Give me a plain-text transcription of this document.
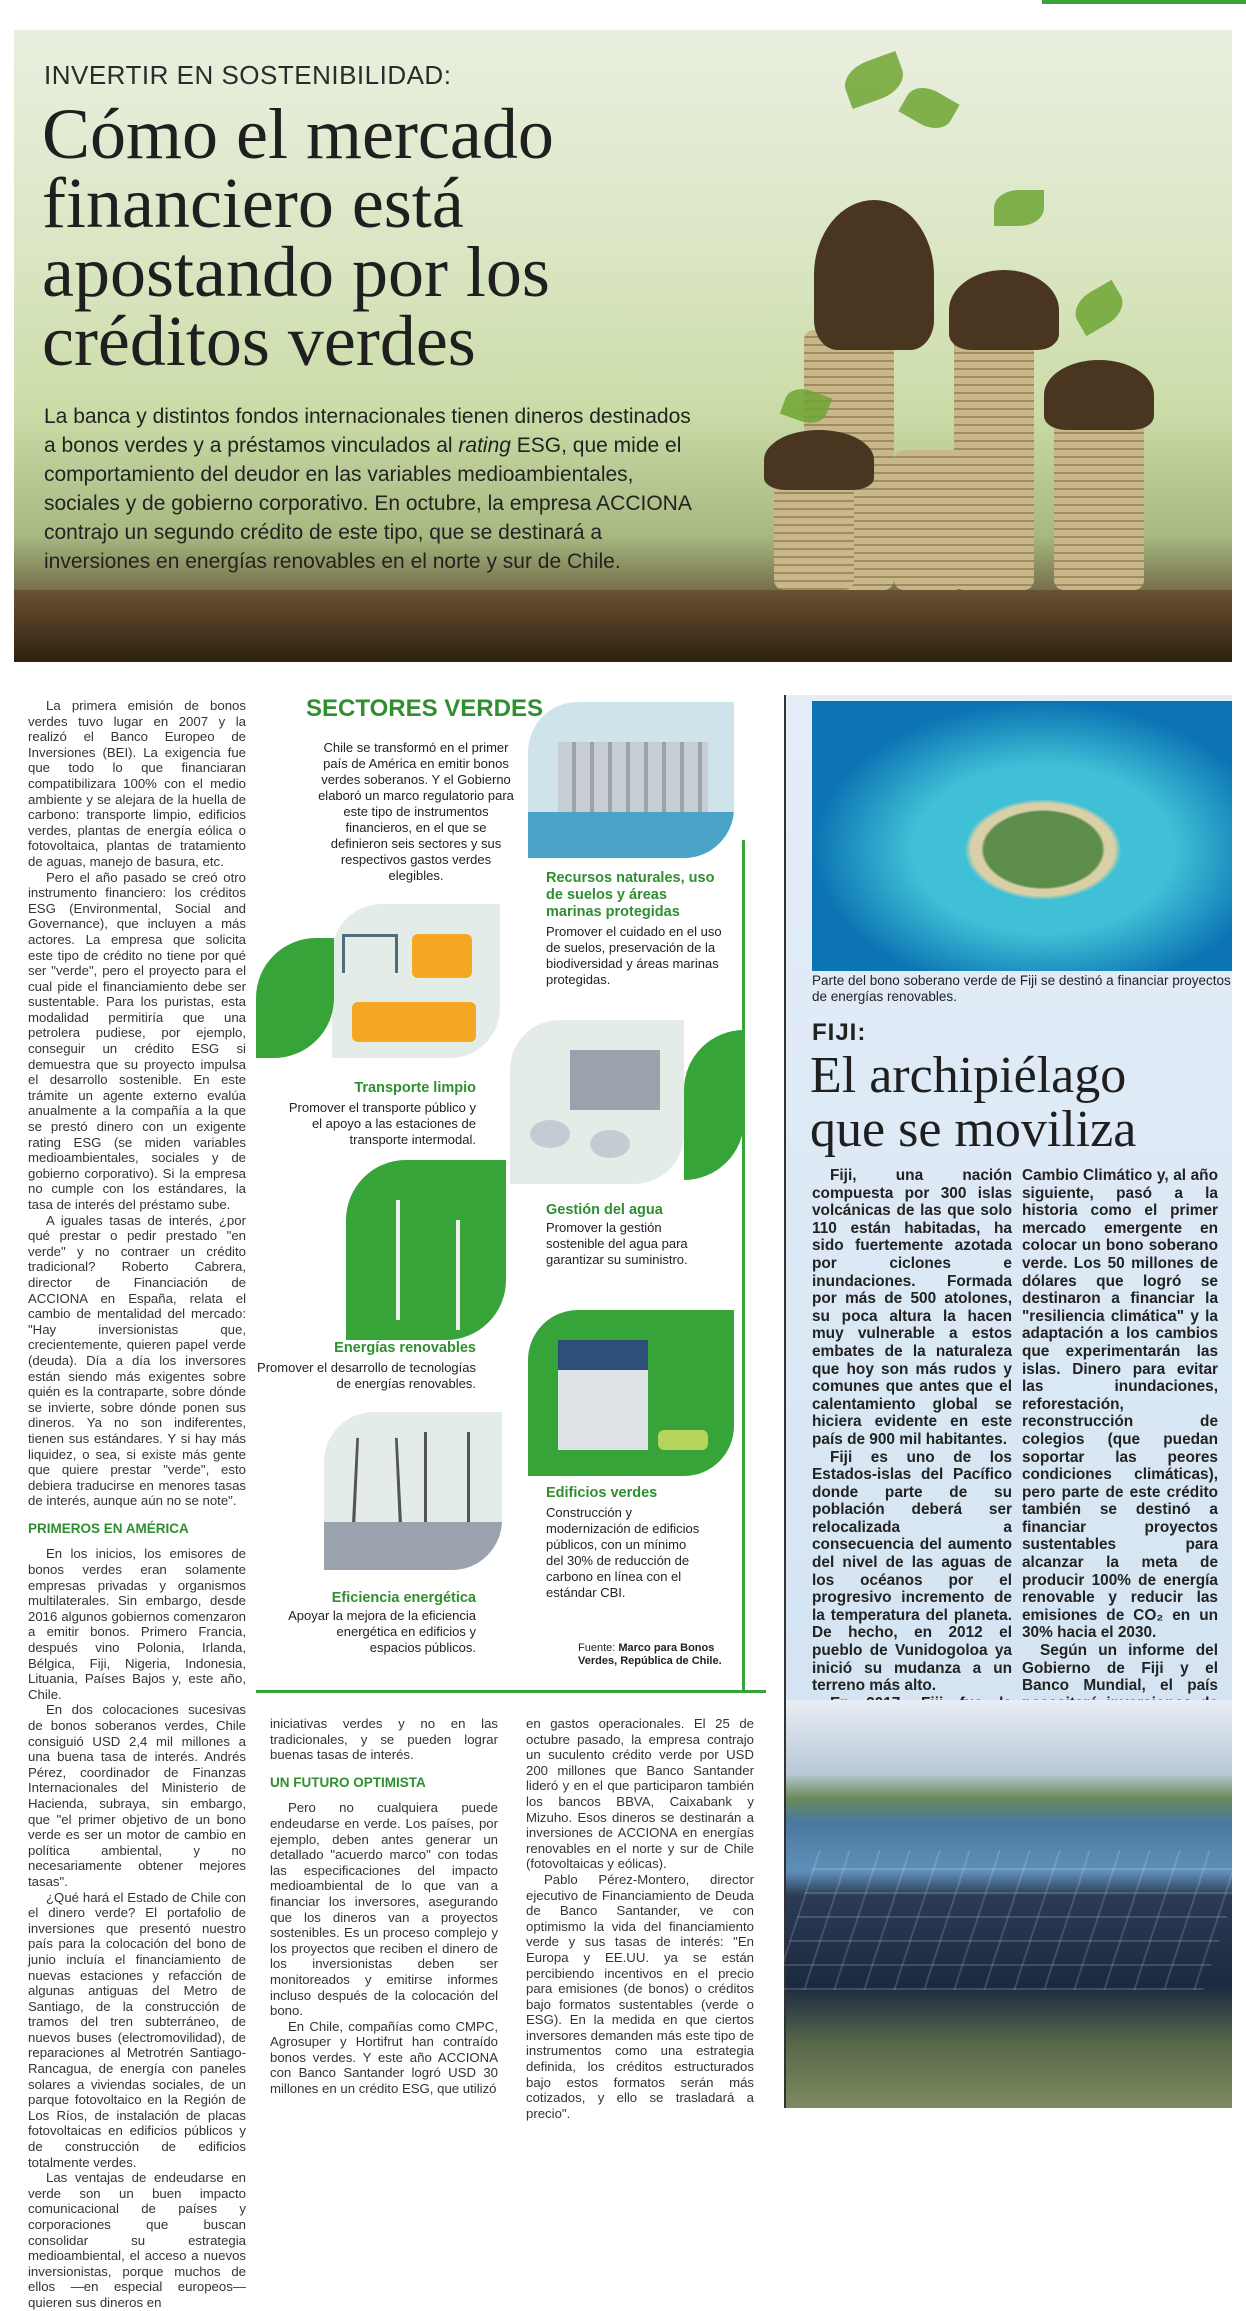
INVERTIR EN SOSTENIBILIDAD:
Cómo el mercado
financiero está
apostando por los
créditos verdes
La banca y distintos fondos internacionales tienen dineros destinados
a bonos verdes y a préstamos vinculados al rating ESG, que mide el
comportamiento del deudor en las variables medioambientales,
sociales y de gobierno corporativo. En octubre, la empresa ACCIONA
contrajo un segundo crédito de este tipo, que se destinará a
inversiones en energías renovables en el norte y sur de Chile.

La primera emisión de bonos verdes tuvo lugar en 2007 y la realizó el Banco Europeo de Inversiones (BEI). La exigencia fue que todo lo que financiaran compatibilizara 100% con el medio ambiente y se alejara de la huella de carbono: transporte limpio, edificios verdes, plantas de energía eólica o fotovoltaica, plantas de tratamiento de aguas, manejo de basura, etc.

Pero el año pasado se creó otro instrumento financiero: los créditos ESG (Environmental, Social and Governance), que incluyen a más actores. La empresa que solicita este tipo de crédito no tiene por qué ser "verde", pero el proyecto para el cual pide el financiamiento debe ser sustentable. Para los puristas, esta modalidad permitiría que una petrolera pudiese, por ejemplo, conseguir un crédito ESG si demuestra que su proyecto impulsa el desarrollo sostenible. En este trámite un agente externo evalúa anualmente a la compañía a la que se prestó dinero con un exigente rating ESG (se miden variables medioambientales, sociales y de gobierno corporativo). Si la empresa no cumple con los estándares, la tasa de interés del préstamo sube.

A iguales tasas de interés, ¿por qué prestar o pedir prestado "en verde" y no contraer un crédito tradicional? Roberto Cabrera, director de Financiación de ACCIONA en España, relata el cambio de mentalidad del mercado: "Hay inversionistas que, crecientemente, quieren papel verde (deuda). Día a día los inversores están siendo más exigentes sobre quién es la contraparte, sobre dónde se invierte, sobre dónde ponen sus dineros. Ya no son indiferentes, tienen sus estándares. Y si hay más liquidez, o sea, si existe más gente que quiere prestar "verde", esto debiera traducirse en menores tasas de interés, aunque aún no se note".

PRIMEROS EN AMÉRICA

En los inicios, los emisores de bonos verdes eran solamente empresas privadas y organismos multilaterales. Sin embargo, desde 2016 algunos gobiernos comenzaron a emitir bonos. Primero Francia, después vino Polonia, Irlanda, Bélgica, Fiji, Nigeria, Indonesia, Lituania, Países Bajos y, este año, Chile.

En dos colocaciones sucesivas de bonos soberanos verdes, Chile consiguió USD 2,4 mil millones a una buena tasa de interés. Andrés Pérez, coordinador de Finanzas Internacionales del Ministerio de Hacienda, subraya, sin embargo, que "el primer objetivo de un bono verde es ser un motor de cambio en política ambiental, y no necesariamente obtener mejores tasas".

¿Qué hará el Estado de Chile con el dinero verde? El portafolio de inversiones que presentó nuestro país para la colocación del bono de junio incluía el financiamiento de nuevas estaciones y refacción de algunas antiguas del Metro de Santiago, de la construcción de tramos del tren subterráneo, de nuevos buses (electromovilidad), de reparaciones al Metrotrén Santiago-Rancagua, de energía con paneles solares a viviendas sociales, de un parque fotovoltaico en la Región de Los Ríos, de instalación de placas fotovoltaicas en edificios públicos y de construcción de edificios totalmente verdes.

Las ventajas de endeudarse en verde son un buen impacto comunicacional de países y corporaciones que buscan consolidar su estrategia medioambiental, el acceso a nuevos inversionistas, porque muchos de ellos —en especial europeos— quieren sus dineros en

SECTORES VERDES
Chile se transformó en el primer país de América en emitir bonos verdes soberanos. Y el Gobierno elaboró un marco regulatorio para este tipo de instrumentos financieros, en el que se definieron seis sectores y sus respectivos gastos verdes elegibles.	Recursos naturales, uso de suelos y áreas marinas protegidas
Promover el cuidado en el uso de suelos, preservación de la biodiversidad y áreas marinas protegidas.
Transporte limpio
Promover el transporte público y el apoyo a las estaciones de transporte intermodal.
Gestión del agua
Promover la gestión sostenible del agua para garantizar su suministro.
Energías renovables
Promover el desarrollo de tecnologías de energías renovables.
Edificios verdes
Construcción y modernización de edificios públicos, con un mínimo del 30% de reducción de carbono en línea con el estándar CBI.
Eficiencia energética
Apoyar la mejora de la eficiencia energética en edificios y espacios públicos.	Fuente: Marco para Bonos Verdes, República de Chile.
iniciativas verdes y no en las tradicionales, y se pueden lograr buenas tasas de interés.
UN FUTURO OPTIMISTA

Pero no cualquiera puede endeudarse en verde. Los países, por ejemplo, deben antes generar un detallado "acuerdo marco" con todas las especificaciones del impacto medioambiental de lo que van a financiar los inversores, asegurando que los dineros van a proyectos sostenibles. Es un proceso complejo y los proyectos que reciben el dinero de los inversionistas deben ser monitoreados y emitirse informes incluso después de la colocación del bono.

En Chile, compañías como CMPC, Agrosuper y Hortifrut han contraído bonos verdes. Y este año ACCIONA con Banco Santander logró USD 30 millones en un crédito ESG, que utilizó

en gastos operacionales. El 25 de octubre pasado, la empresa contrajo un suculento crédito verde por USD 200 millones que Banco Santander lideró y en el que participaron también los bancos BBVA, Caixabank y Mizuho. Esos dineros se destinarán a inversiones de ACCIONA en energías renovables en el norte y sur de Chile (fotovoltaicas y eólicas).

Pablo Pérez-Montero, director ejecutivo de Financiamiento de Deuda de Banco Santander, ve con optimismo la vida del financiamiento verde y sus tasas de interés: "En Europa y EE.UU. ya se están percibiendo incentivos en el precio para emisiones (de bonos) o créditos bajo formatos sustentables (verde o ESG). En la medida en que ciertos inversores demanden más este tipo de instrumentos como una estrategia definida, los créditos estructurados bajo estos formatos serán más cotizados, y ello se trasladará a precio".

Parte del bono soberano verde de Fiji se destinó a financiar proyectos de energías renovables.
FIJI:
El archipiélago
que se moviliza

Fiji, una nación compuesta por 300 islas volcánicas de las que solo 110 están habitadas, ha sido fuertemente azotada por ciclones e inundaciones. Formada por más de 500 atolones, su poca altura la hacen muy vulnerable a estos embates de la naturaleza que hoy son más rudos y comunes que antes que el calentamiento global se hiciera evidente en este país de 900 mil habitantes.

Fiji es uno de los Estados-islas del Pacífico donde parte de su población deberá ser relocalizada a consecuencia del aumento del nivel de las aguas de los océanos por el progresivo incremento de la temperatura del planeta. De hecho, en 2012 el pueblo de Vunidogoloa ya inició su mudanza a un terreno más alto.

Cambio Climático y, al año siguiente, pasó a la historia como el primer mercado emergente en colocar un bono soberano verde. Los 50 millones de dólares que logró se destinaron a financiar la "resiliencia climática" y la adaptación a los cambios que experimentarán las islas. Dinero para evitar las inundaciones, reforestación, reconstrucción de colegios (que puedan soportar las peores condiciones climáticas), pero parte de este crédito también se destinó a financiar proyectos sustentables para alcanzar la meta de producir 100% de energía renovable y reducir las emisiones de CO₂ en un 30% hacia el 2030.

Según un informe del Gobierno de Fiji y el Banco Mundial, el país
